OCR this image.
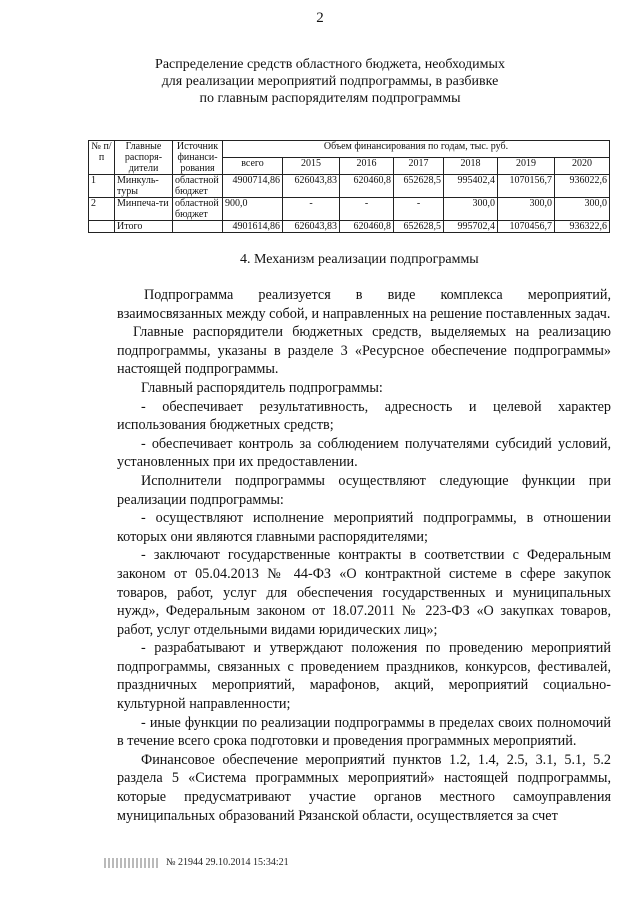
2
Распределение средств областного бюджета, необходимых
для реализации мероприятий подпрограммы, в разбивке
по главным распорядителям подпрограммы
№ п/п	Главные распоря-дители	Источник финанси-рования	Объем финансирования по годам, тыс. руб.						
			всего	2015	2016	2017	2018	2019	2020
1	Минкуль-туры	областной бюджет	4900714,86	626043,83	620460,8	652628,5	995402,4	1070156,7	936022,6
2	Минпеча-ти	областной бюджет	900,0	-	-	-	300,0	300,0	300,0
	Итого		4901614,86	626043,83	620460,8	652628,5	995702,4	1070456,7	936322,6
4. Механизм реализации подпрограммы

Подпрограмма реализуется в виде комплекса мероприятий, взаимосвязанных между собой, и направленных на решение поставленных задач.

Главные распорядители бюджетных средств, выделяемых на реализацию подпрограммы, указаны в разделе 3 «Ресурсное обеспечение подпрограммы» настоящей подпрограммы.

Главный распорядитель подпрограммы:

- обеспечивает результативность, адресность и целевой характер использования бюджетных средств;

- обеспечивает контроль за соблюдением получателями субсидий условий, установленных при их предоставлении.

Исполнители подпрограммы осуществляют следующие функции при реализации подпрограммы:

- осуществляют исполнение мероприятий подпрограммы, в отношении которых они являются главными распорядителями;

- заключают государственные контракты в соответствии с Федеральным законом от 05.04.2013 № 44-ФЗ «О контрактной системе в сфере закупок товаров, работ, услуг для обеспечения государственных и муниципальных нужд», Федеральным законом от 18.07.2011 № 223-ФЗ «О закупках товаров, работ, услуг отдельными видами юридических лиц»;

- разрабатывают и утверждают положения по проведению мероприятий подпрограммы, связанных с проведением праздников, конкурсов, фестивалей, праздничных мероприятий, марафонов, акций, мероприятий социально-культурной направленности;

- иные функции по реализации подпрограммы в пределах своих полномочий в течение всего срока подготовки и проведения программных мероприятий.

Финансовое обеспечение мероприятий пунктов 1.2, 1.4, 2.5, 3.1, 5.1, 5.2 раздела 5 «Система программных мероприятий» настоящей подпрограммы, которые предусматривают участие органов местного самоуправления муниципальных образований Рязанской области, осуществляется за счет

№ 21944 29.10.2014 15:34:21
